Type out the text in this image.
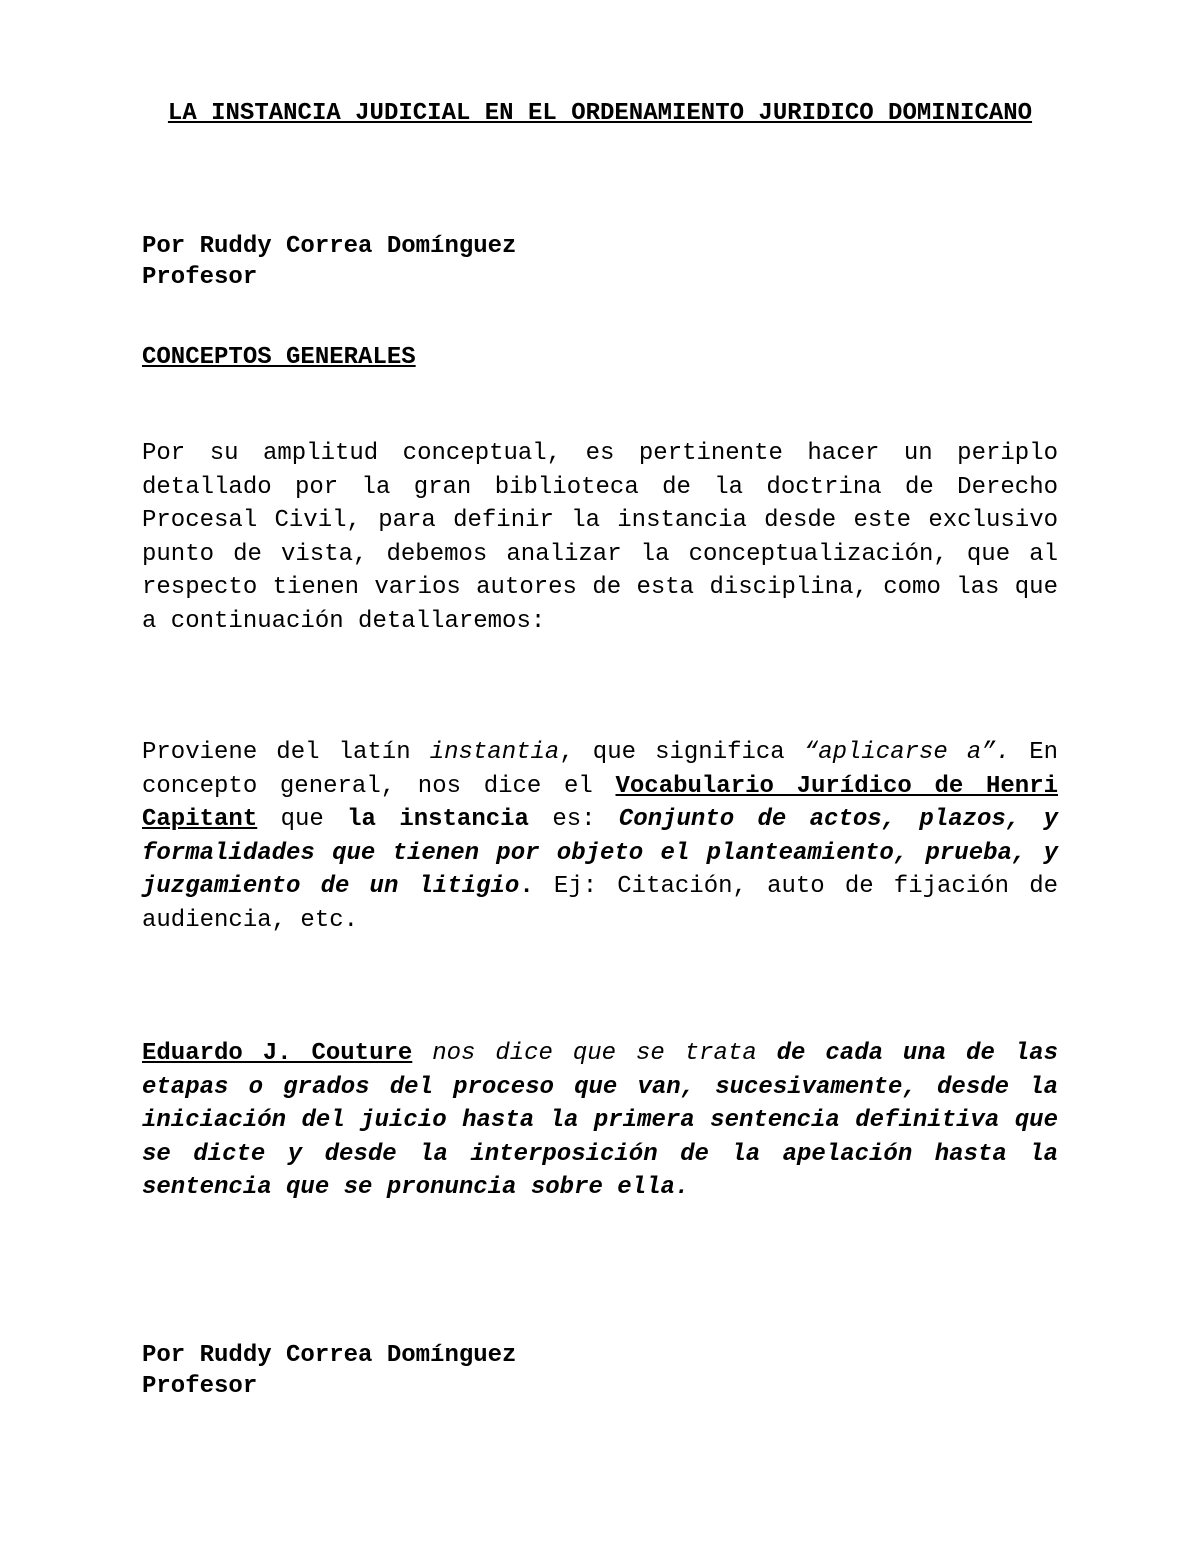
LA INSTANCIA JUDICIAL EN EL ORDENAMIENTO JURIDICO DOMINICANO
Por Ruddy Correa Domínguez
Profesor
CONCEPTOS GENERALES

Por su amplitud conceptual, es pertinente hacer un periplo detallado por la gran biblioteca de la doctrina de Derecho Procesal Civil, para definir la instancia desde este exclusivo punto de vista, debemos analizar la conceptualización, que al respecto tienen varios autores de esta disciplina, como las que a continuación detallaremos:

Proviene del latín instantia, que significa “aplicarse a”. En concepto general, nos dice el Vocabulario Jurídico de Henri Capitant que la instancia es: Conjunto de actos, plazos, y formalidades que tienen por objeto el planteamiento, prueba, y juzgamiento de un litigio. Ej: Citación, auto de fijación de audiencia, etc.

Eduardo J. Couture nos dice que se trata de cada una de las etapas o grados del proceso que van, sucesivamente, desde la iniciación del juicio hasta la primera sentencia definitiva que se dicte y desde la interposición de la apelación hasta la sentencia que se pronuncia sobre ella.

Por Ruddy Correa Domínguez
Profesor
